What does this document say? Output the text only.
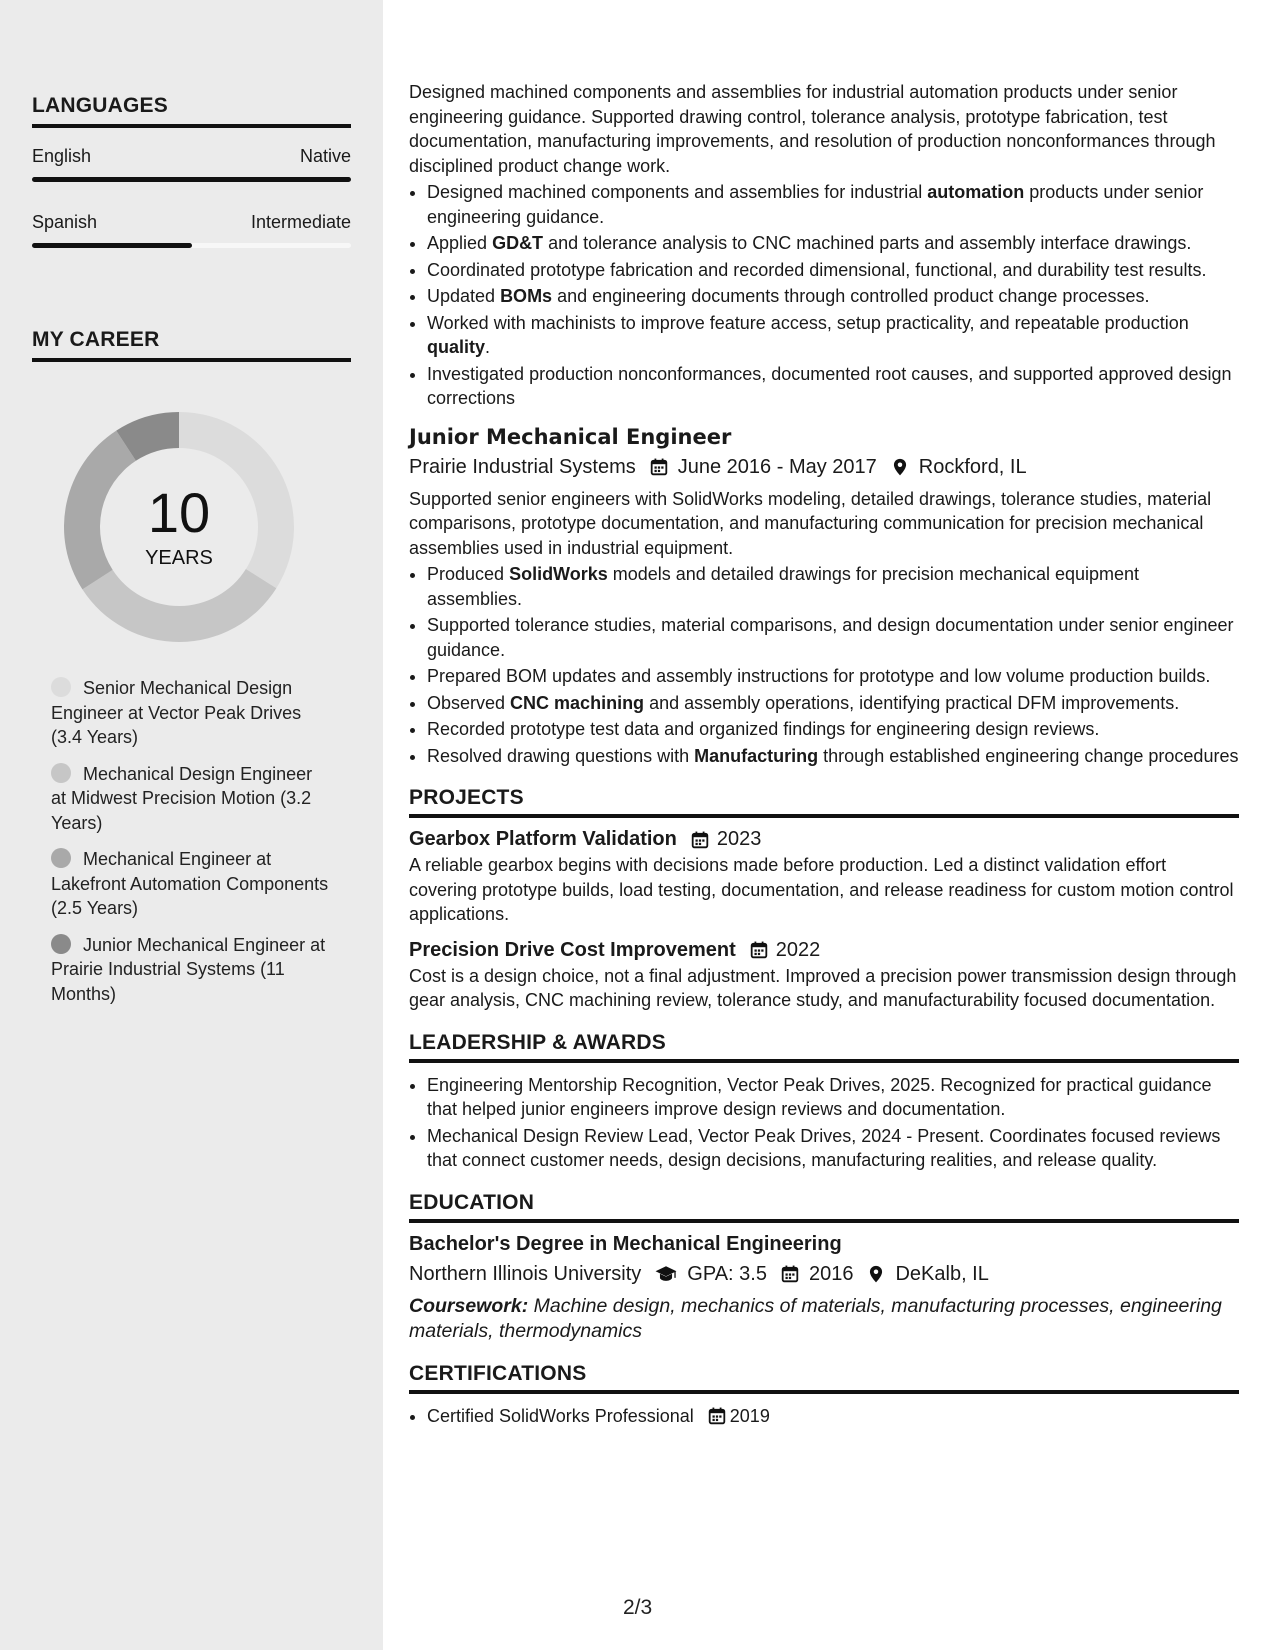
LANGUAGES
English	Native
Spanish	Intermediate
MY CAREER
10
YEARS
Senior Mechanical Design Engineer at Vector Peak Drives (3.4 Years)
Mechanical Design Engineer at Midwest Precision Motion (3.2 Years)
Mechanical Engineer at Lakefront Automation Components (2.5 Years)
Junior Mechanical Engineer at Prairie Industrial Systems (11 Months)

Designed machined components and assemblies for industrial automation products under senior engineering guidance. Supported drawing control, tolerance analysis, prototype fabrication, test documentation, manufacturing improvements, and resolution of production nonconformances through disciplined product change work.

• Designed machined components and assemblies for industrial automation products under senior engineering guidance.
• Applied GD&T and tolerance analysis to CNC machined parts and assembly interface drawings.
• Coordinated prototype fabrication and recorded dimensional, functional, and durability test results.
• Updated BOMs and engineering documents through controlled product change processes.
• Worked with machinists to improve feature access, setup practicality, and repeatable production quality.
• Investigated production nonconformances, documented root causes, and supported approved design corrections
Junior Mechanical Engineer
Prairie Industrial Systems June 2016 - May 2017 Rockford, IL

Supported senior engineers with SolidWorks modeling, detailed drawings, tolerance studies, material comparisons, prototype documentation, and manufacturing communication for precision mechanical assemblies used in industrial equipment.

• Produced SolidWorks models and detailed drawings for precision mechanical equipment assemblies.
• Supported tolerance studies, material comparisons, and design documentation under senior engineer guidance.
• Prepared BOM updates and assembly instructions for prototype and low volume production builds.
• Observed CNC machining and assembly operations, identifying practical DFM improvements.
• Recorded prototype test data and organized findings for engineering design reviews.
• Resolved drawing questions with Manufacturing through established engineering change procedures
PROJECTS
Gearbox Platform Validation 2023

A reliable gearbox begins with decisions made before production. Led a distinct validation effort covering prototype builds, load testing, documentation, and release readiness for custom motion control applications.

Precision Drive Cost Improvement 2022

Cost is a design choice, not a final adjustment. Improved a precision power transmission design through gear analysis, CNC machining review, tolerance study, and manufacturability focused documentation.

LEADERSHIP & AWARDS
• Engineering Mentorship Recognition, Vector Peak Drives, 2025. Recognized for practical guidance that helped junior engineers improve design reviews and documentation.
• Mechanical Design Review Lead, Vector Peak Drives, 2024 - Present. Coordinates focused reviews that connect customer needs, design decisions, manufacturing realities, and release quality.
EDUCATION
Bachelor's Degree in Mechanical Engineering
Northern Illinois University GPA: 3.5 2016 DeKalb, IL
Coursework: Machine design, mechanics of materials, manufacturing processes, engineering materials, thermodynamics
CERTIFICATIONS
• Certified SolidWorks Professional 2019
2/3
